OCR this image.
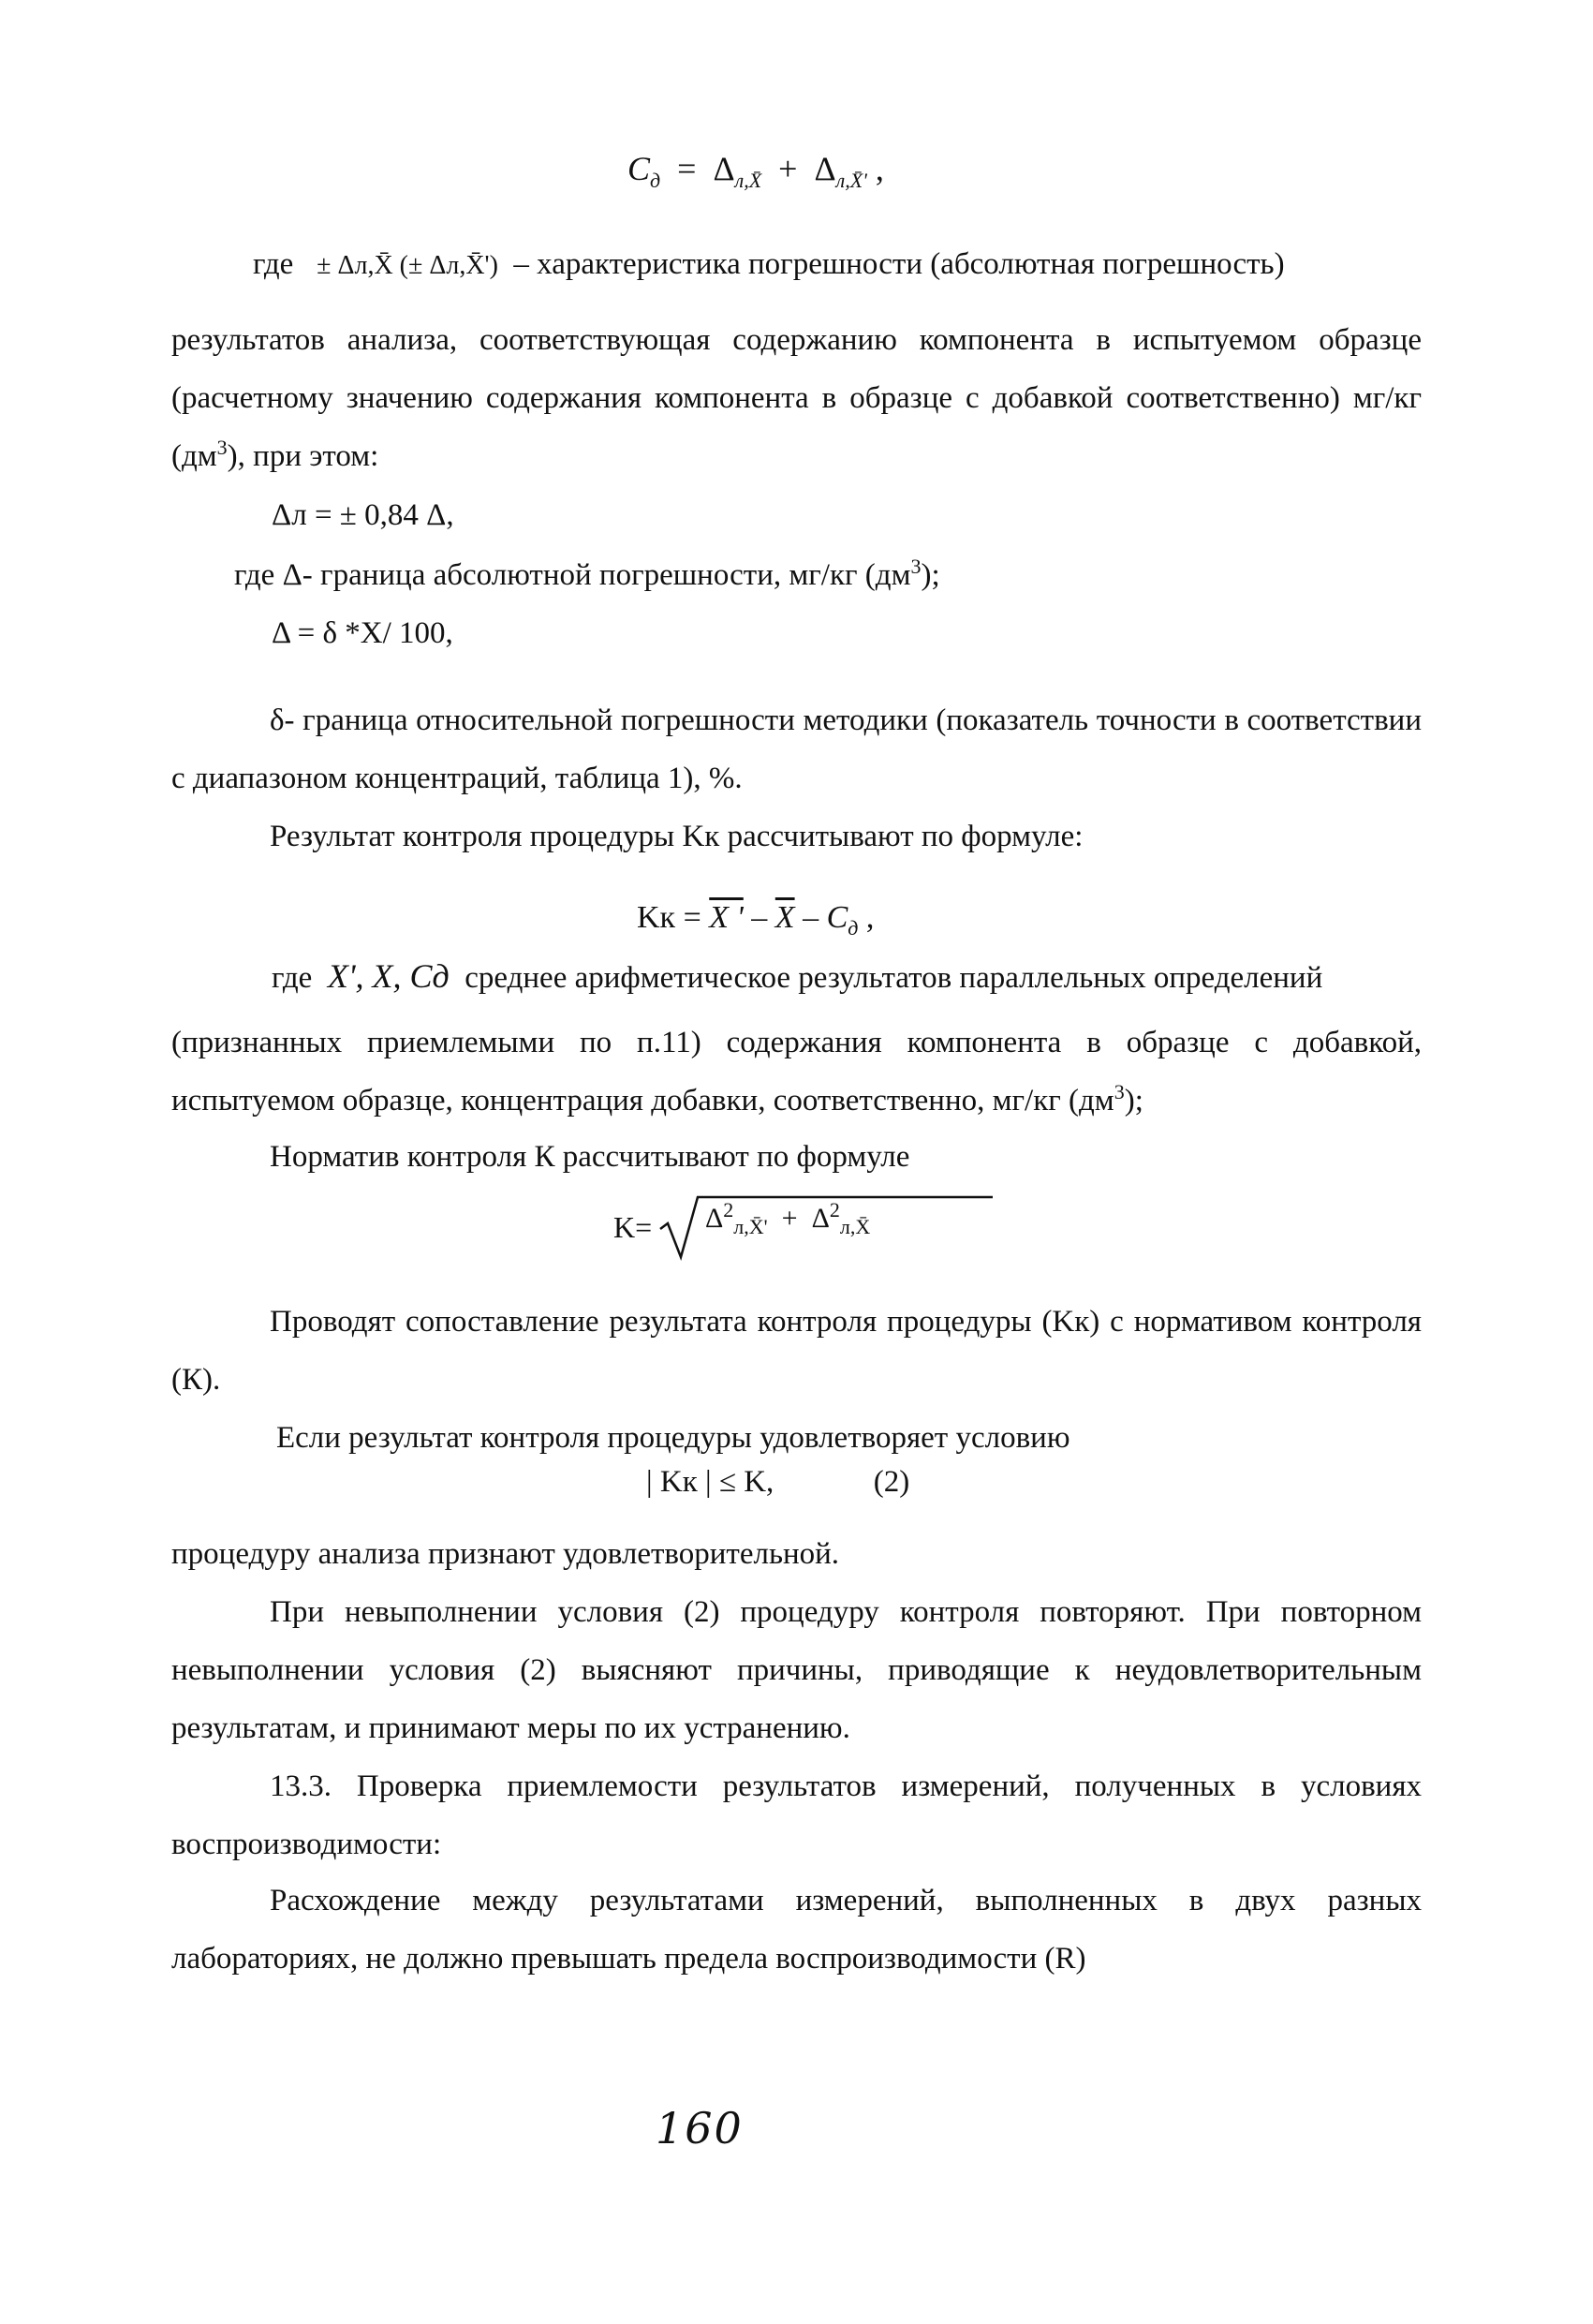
$C_д = \Delta_{л,X̄} + \Delta_{л,X̄'}$ ,
где ± Δл,X̄ (± Δл,X̄') – характеристика погрешности (абсолютная погрешность)

результатов анализа, соответствующая содержанию компонента в испытуемом образце (расчетному значению содержания компонента в образце с добавкой соответственно) мг/кг $(дм^3)$, при этом:

Δл = ± 0,84 Δ,
где Δ- граница абсолютной погрешности, мг/кг $(дм^3)$;
Δ = δ *X/ 100,

δ- граница относительной погрешности методики (показатель точности в соответствии с диапазоном концентраций, таблица 1), %.

Результат контроля процедуры Kк рассчитывают по формуле:

Kк = X ' – $\overline{X} - C_д$ ,
где X', X, Cд среднее арифметическое результатов параллельных определений

(признанных приемлемыми по п.11) содержания компонента в образце с добавкой, испытуемом образце, концентрация добавки, соответственно, мг/кг $(дм^3)$;

Норматив контроля К рассчитывают по формуле

$K= \Delta^2_{л,X̄'} + \Delta^2_{л,X̄}$

Проводят сопоставление результата контроля процедуры (Kк) с нормативом контроля (К).

Если результат контроля процедуры удовлетворяет условию

| Kк | ≤ K,	(2)

процедуру анализа признают удовлетворительной.

При невыполнении условия (2) процедуру контроля повторяют. При повторном невыполнении условия (2) выясняют причины, приводящие к неудовлетворительным результатам, и принимают меры по их устранению.

13.3. Проверка приемлемости результатов измерений, полученных в условиях воспроизводимости:

Расхождение между результатами измерений, выполненных в двух разных лабораториях, не должно превышать предела воспроизводимости (R)

160
